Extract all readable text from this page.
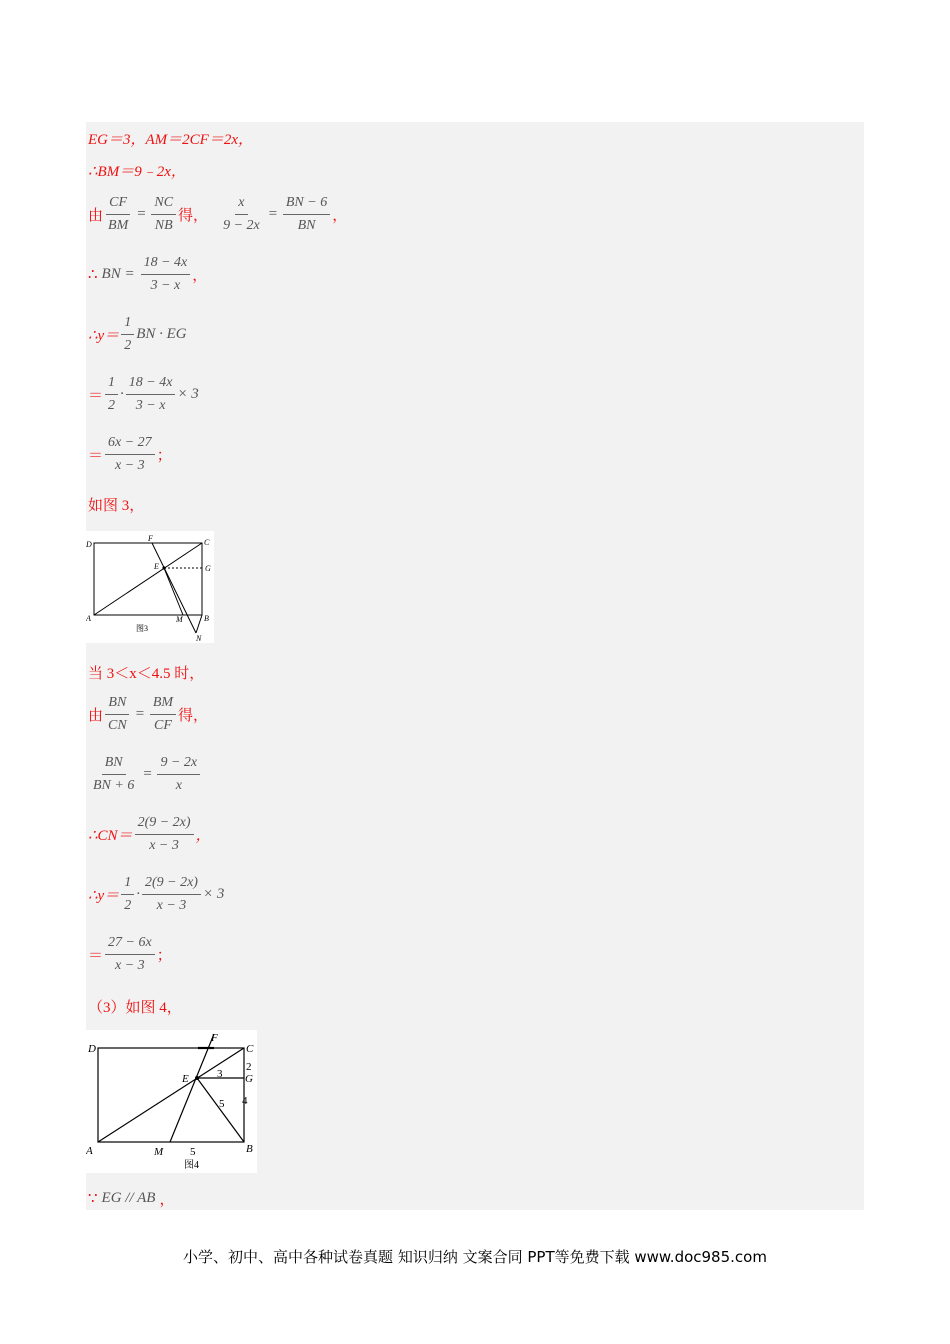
EG＝3，AM＝2CF＝2x，
∴BM＝9﹣2x，
由 $\frac{CF}{BM} = \frac{NC}{NB}$ 得， $\frac{x}{9 - 2x} = \frac{BN - 6}{BN}$ ，
∴ BN = $\frac{18 - 4x}{3 - x}$ ，
∴y＝ $\frac{1}{2}$ BN · EG
＝ $\frac{1}{2} \cdot \frac{18 - 4x}{3 - x} \times 3$
＝ $\frac{6x - 27}{x - 3}$ ；
如图 3，
D
F	C
E	G
A	M	B
N
图3
当 3＜x＜4.5 时，
由 $\frac{BN}{CN} = \frac{BM}{CF}$ 得，
$\frac{BN}{BN + 6} = \frac{9 - 2x}{x}$
∴CN＝ $\frac{2(9 - 2x)}{x - 3}$ ，
∴y＝ $\frac{1}{2} \cdot \frac{2(9 - 2x)}{x - 3} \times 3$
＝ $\frac{27 - 6x}{x - 3}$ ；
（3）如图 4，
D
F
C
E	G
A	M	B
3
2
5 4
5
图4
∵ EG // AB ，
小学、初中、高中各种试卷真题 知识归纳 文案合同 PPT等免费下载 www.doc985.com
